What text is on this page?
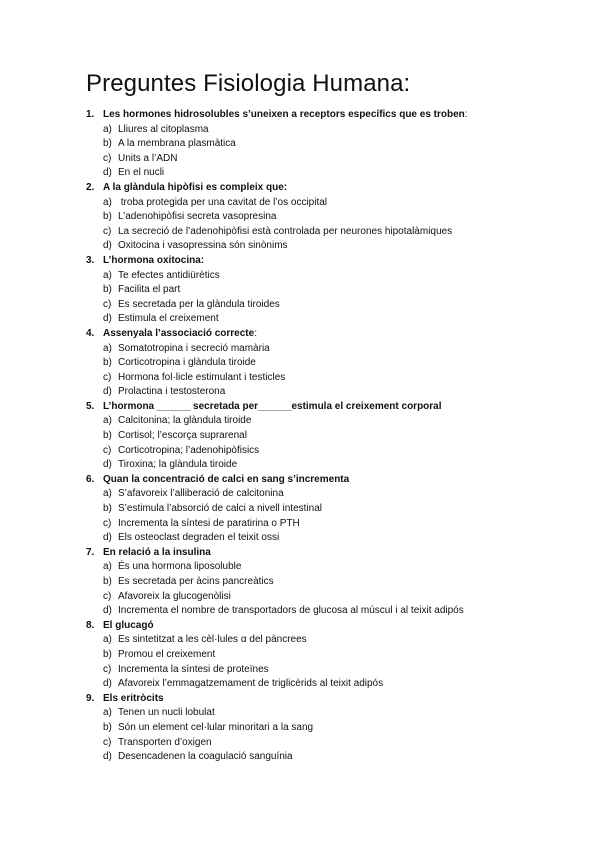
Preguntes Fisiologia Humana:
1. Les hormones hidrosolubles s’uneixen a receptors específics que es troben:
a) Lliures al citoplasma
b) A la membrana plasmàtica
c) Units a l’ADN
d) En el nucli
2. A la glàndula hipòfisi es compleix que:
a) troba protegida per una cavitat de l’os occipital
b) L’adenohipòfisi secreta vasopresina
c) La secreció de l’adenohipòfisi està controlada per neurones hipotalàmiques
d) Oxitocina i vasopressina són sinònims
3. L’hormona oxitocina:
a) Te efectes antidiürètics
b) Facilita el part
c) Es secretada per la glàndula tiroides
d) Estimula el creixement
4. Assenyala l’associació correcte:
a) Somatotropina i secreció mamària
b) Corticotropina i glàndula tiroide
c) Hormona fol·licle estimulant i testicles
d) Prolactina i testosterona
5. L’hormona ______ secretada per______estimula el creixement corporal
a) Calcitonina; la glàndula tiroide
b) Cortisol; l’escorça suprarenal
c) Corticotropina; l’adenohipòfisics
d) Tiroxina; la glàndula tiroide
6. Quan la concentració de calci en sang s’incrementa
a) S’afavoreix l’alliberació de calcitonina
b) S’estimula l’absorció de calci a nivell intestinal
c) Incrementa la síntesi de paratirina o PTH
d) Els osteoclast degraden el teixit ossi
7. En relació a la insulina
a) És una hormona liposoluble
b) Es secretada per àcins pancreàtics
c) Afavoreix la glucogenòlisi
d) Incrementa el nombre de transportadors de glucosa al múscul i al teixit adipós
8. El glucagó
a) Es sintetitzat a les cèl·lules α del pàncrees
b) Promou el creixement
c) Incrementa la síntesi de proteïnes
d) Afavoreix l’emmagatzemament de triglicèrids al teixit adipós
9. Els eritròcits
a) Tenen un nucli lobulat
b) Són un element cel·lular minoritari a la sang
c) Transporten d’oxigen
d) Desencadenen la coagulació sanguínia
